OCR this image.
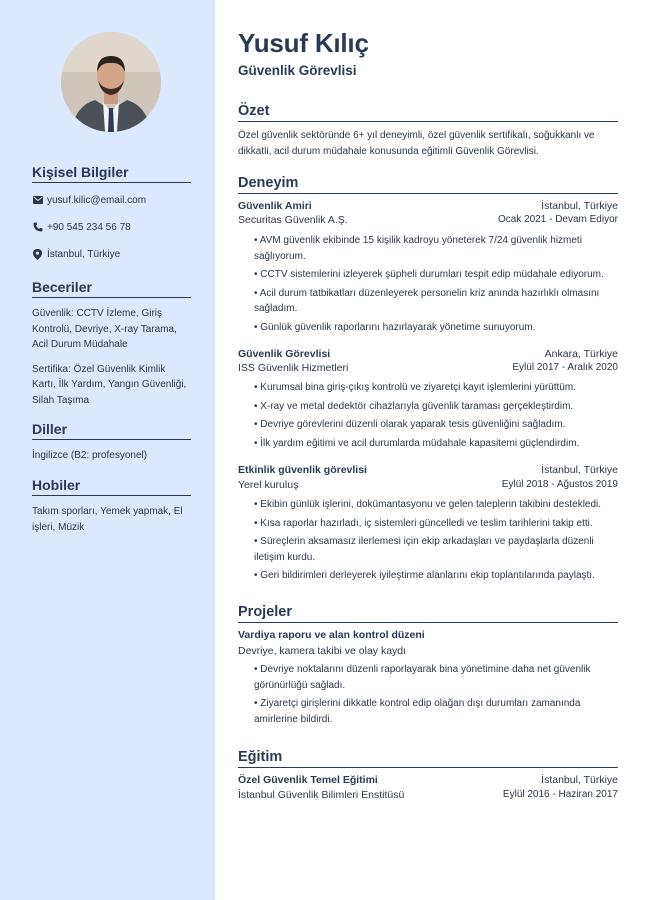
Kişisel Bilgiler
yusuf.kilic@email.com
+90 545 234 56 78
İstanbul, Türkiye
Beceriler
Güvenlik: CCTV İzleme, Giriş Kontrolü, Devriye, X-ray Tarama, Acil Durum Müdahale
Sertifika: Özel Güvenlik Kimlik Kartı, İlk Yardım, Yangın Güvenliği, Silah Taşıma
Diller
İngilizce (B2: profesyonel)
Hobiler
Takım sporları, Yemek yapmak, El işleri, Müzik
Yusuf Kılıç
Güvenlik Görevlisi
Özet
Özel güvenlik sektöründe 6+ yıl deneyimli, özel güvenlik sertifikalı, soğukkanlı ve dikkatli, acil durum müdahale konusunda eğitimli Güvenlik Görevlisi.
Deneyim
Güvenlik Amiri	İstanbul, Türkiye
Securitas Güvenlik A.Ş.	Ocak 2021 - Devam Ediyor
• AVM güvenlik ekibinde 15 kişilik kadroyu yöneterek 7/24 güvenlik hizmeti sağlıyorum.
• CCTV sistemlerini izleyerek şüpheli durumları tespit edip müdahale ediyorum.
• Acil durum tatbikatları düzenleyerek personelin kriz anında hazırlıklı olmasını sağladım.
• Günlük güvenlik raporlarını hazırlayarak yönetime sunuyorum.
Güvenlik Görevlisi	Ankara, Türkiye
ISS Güvenlik Hizmetleri	Eylül 2017 - Aralık 2020
• Kurumsal bina giriş-çıkış kontrolü ve ziyaretçi kayıt işlemlerini yürüttüm.
• X-ray ve metal dedektör cihazlarıyla güvenlik taraması gerçekleştirdim.
• Devriye görevlerini düzenli olarak yaparak tesis güvenliğini sağladım.
• İlk yardım eğitimi ve acil durumlarda müdahale kapasitemi güçlendirdim.
Etkinlik güvenlik görevlisi	İstanbul, Türkiye
Yerel kuruluş	Eylül 2018 - Ağustos 2019
• Ekibin günlük işlerini, dokümantasyonu ve gelen taleplerin takibini destekledi.
• Kısa raporlar hazırladı, iç sistemleri güncelledi ve teslim tarihlerini takip etti.
• Süreçlerin aksamasız ilerlemesi için ekip arkadaşları ve paydaşlarla düzenli iletişim kurdu.
• Geri bildirimleri derleyerek iyileştirme alanlarını ekip toplantılarında paylaştı.
Projeler
Vardiya raporu ve alan kontrol düzeni
Devriye, kamera takibi ve olay kaydı
• Devriye noktalarını düzenli raporlayarak bina yönetimine daha net güvenlik görünürlüğü sağladı.
• Ziyaretçi girişlerini dikkatle kontrol edip olağan dışı durumları zamanında amirlerine bildirdi.
Eğitim
Özel Güvenlik Temel Eğitimi	İstanbul, Türkiye
İstanbul Güvenlik Bilimleri Enstitüsü	Eylül 2016 - Haziran 2017
